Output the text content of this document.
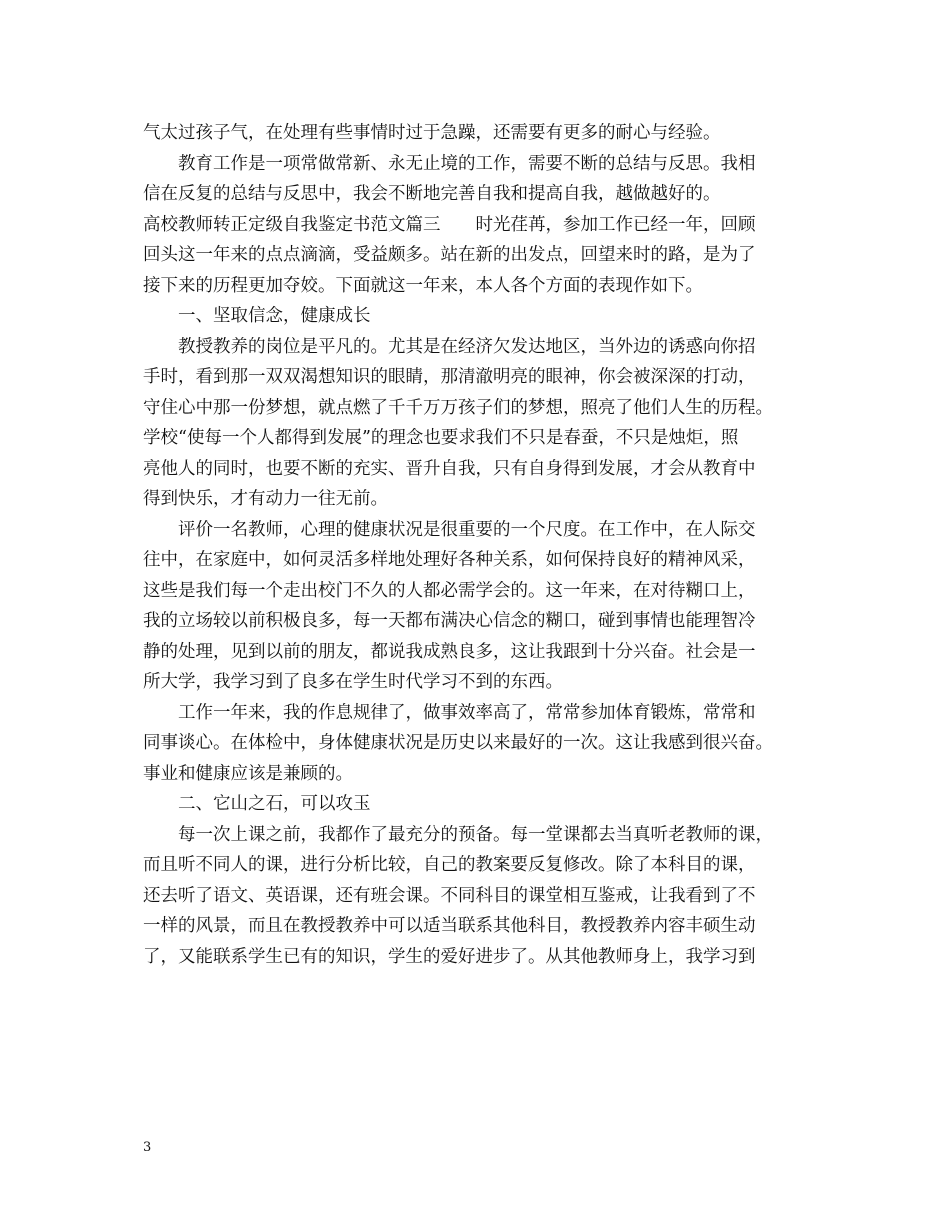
气太过孩子气，在处理有些事情时过于急躁，还需要有更多的耐心与经验。

　　教育工作是一项常做常新、永无止境的工作，需要不断的总结与反思。我相

信在反复的总结与反思中，我会不断地完善自我和提高自我，越做越好的。

高校教师转正定级自我鉴定书范文篇三　　时光荏苒，参加工作已经一年，回顾

回头这一年来的点点滴滴，受益颇多。站在新的出发点，回望来时的路，是为了

接下来的历程更加夺姣。下面就这一年来，本人各个方面的表现作如下。

　　一、坚取信念，健康成长

　　教授教养的岗位是平凡的。尤其是在经济欠发达地区，当外边的诱惑向你招

手时，看到那一双双渴想知识的眼睛，那清澈明亮的眼神，你会被深深的打动，

守住心中那一份梦想，就点燃了千千万万孩子们的梦想，照亮了他们人生的历程。

学校“使每一个人都得到发展”的理念也要求我们不只是春蚕，不只是烛炬，照

亮他人的同时，也要不断的充实、晋升自我，只有自身得到发展，才会从教育中

得到快乐，才有动力一往无前。

　　评价一名教师，心理的健康状况是很重要的一个尺度。在工作中，在人际交

往中，在家庭中，如何灵活多样地处理好各种关系，如何保持良好的精神风采，

这些是我们每一个走出校门不久的人都必需学会的。这一年来，在对待糊口上，

我的立场较以前积极良多，每一天都布满决心信念的糊口，碰到事情也能理智冷

静的处理，见到以前的朋友，都说我成熟良多，这让我跟到十分兴奋。社会是一

所大学，我学习到了良多在学生时代学习不到的东西。

　　工作一年来，我的作息规律了，做事效率高了，常常参加体育锻炼，常常和

同事谈心。在体检中，身体健康状况是历史以来最好的一次。这让我感到很兴奋。

事业和健康应该是兼顾的。

　　二、它山之石，可以攻玉

　　每一次上课之前，我都作了最充分的预备。每一堂课都去当真听老教师的课，

而且听不同人的课，进行分析比较，自己的教案要反复修改。除了本科目的课，

还去听了语文、英语课，还有班会课。不同科目的课堂相互鉴戒，让我看到了不

一样的风景，而且在教授教养中可以适当联系其他科目，教授教养内容丰硕生动

了，又能联系学生已有的知识，学生的爱好进步了。从其他教师身上，我学习到

3
